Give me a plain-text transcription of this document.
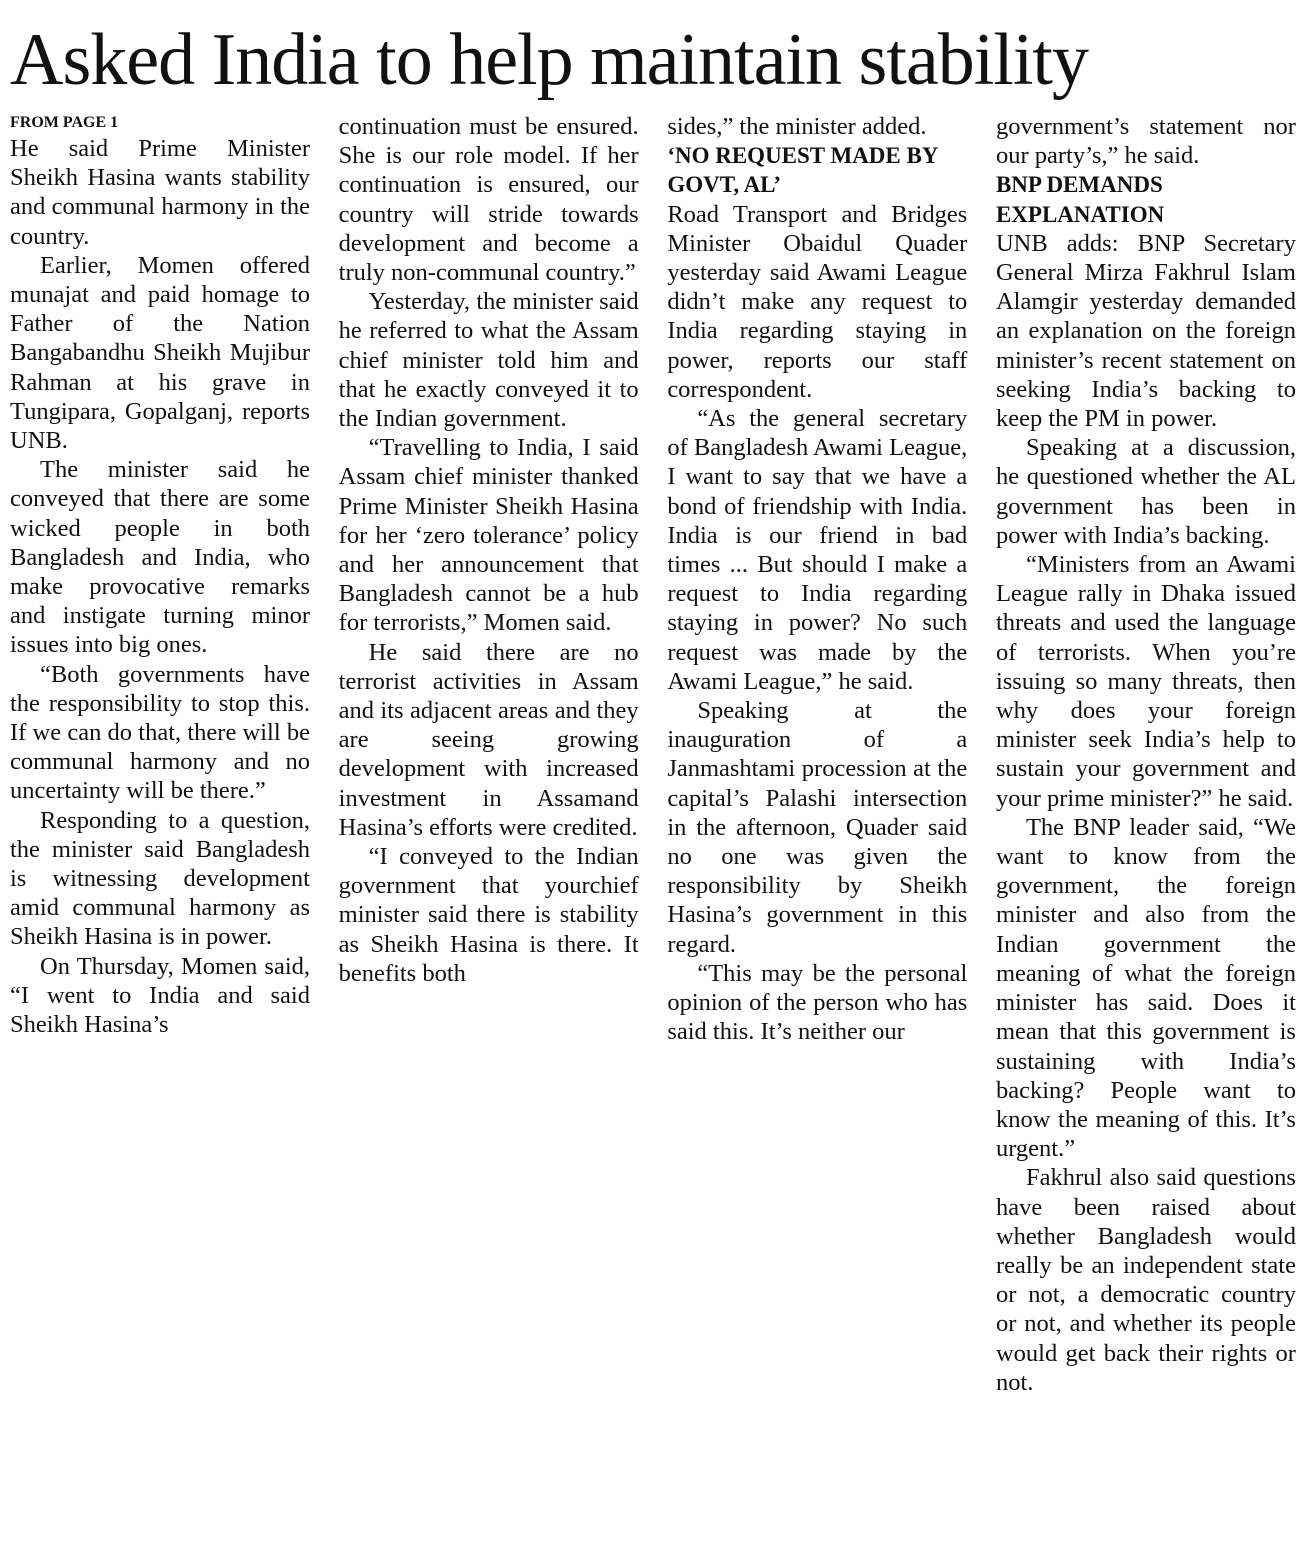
Asked India to help maintain stability
FROM PAGE 1

He said Prime Minister Sheikh Hasina wants stability and communal harmony in the country.

Earlier, Momen offered munajat and paid homage to Father of the Nation Bangabandhu Sheikh Mujibur Rahman at his grave in Tungipara, Gopalganj, reports UNB.

The minister said he conveyed that there are some wicked people in both Bangladesh and India, who make provocative remarks and instigate turning minor issues into big ones.

“Both governments have the responsibility to stop this. If we can do that, there will be communal harmony and no uncertainty will be there.”

Responding to a question, the minister said Bangladesh is witnessing development amid communal harmony as Sheikh Hasina is in power.

On Thursday, Momen said, “I went to India and said Sheikh Hasina’s

continuation must be ensured. She is our role model. If her continuation is ensured, our country will stride towards development and become a truly non-communal country.”

Yesterday, the minister said he referred to what the Assam chief minister told him and that he exactly conveyed it to the Indian government.

“Travelling to India, I said Assam chief minister thanked Prime Minister Sheikh Hasina for her ‘zero tolerance’ policy and her announcement that Bangladesh cannot be a hub for terrorists,” Momen said.

He said there are no terrorist activities in Assam and its adjacent areas and they are seeing growing development with increased investment in Assamand Hasina’s efforts were credited.

“I conveyed to the Indian government that yourchief minister said there is stability as Sheikh Hasina is there. It benefits both

sides,” the minister added.

‘NO REQUEST MADE BY GOVT, AL’

Road Transport and Bridges Minister Obaidul Quader yesterday said Awami League didn’t make any request to India regarding staying in power, reports our staff correspondent.

“As the general secretary of Bangladesh Awami League, I want to say that we have a bond of friendship with India. India is our friend in bad times ... But should I make a request to India regarding staying in power? No such request was made by the Awami League,” he said.

Speaking at the inauguration of a Janmashtami procession at the capital’s Palashi intersection in the afternoon, Quader said no one was given the responsibility by Sheikh Hasina’s government in this regard.

“This may be the personal opinion of the person who has said this. It’s neither our

government’s statement nor our party’s,” he said.

BNP DEMANDS EXPLANATION

UNB adds: BNP Secretary General Mirza Fakhrul Islam Alamgir yesterday demanded an explanation on the foreign minister’s recent statement on seeking India’s backing to keep the PM in power.

Speaking at a discussion, he questioned whether the AL government has been in power with India’s backing.

“Ministers from an Awami League rally in Dhaka issued threats and used the language of terrorists. When you’re issuing so many threats, then why does your foreign minister seek India’s help to sustain your government and your prime minister?” he said.

The BNP leader said, “We want to know from the government, the foreign minister and also from the Indian government the meaning of what the foreign minister has said. Does it mean that this government is sustaining with India’s backing? People want to know the meaning of this. It’s urgent.”

Fakhrul also said questions have been raised about whether Bangladesh would really be an independent state or not, a democratic country or not, and whether its people would get back their rights or not.
